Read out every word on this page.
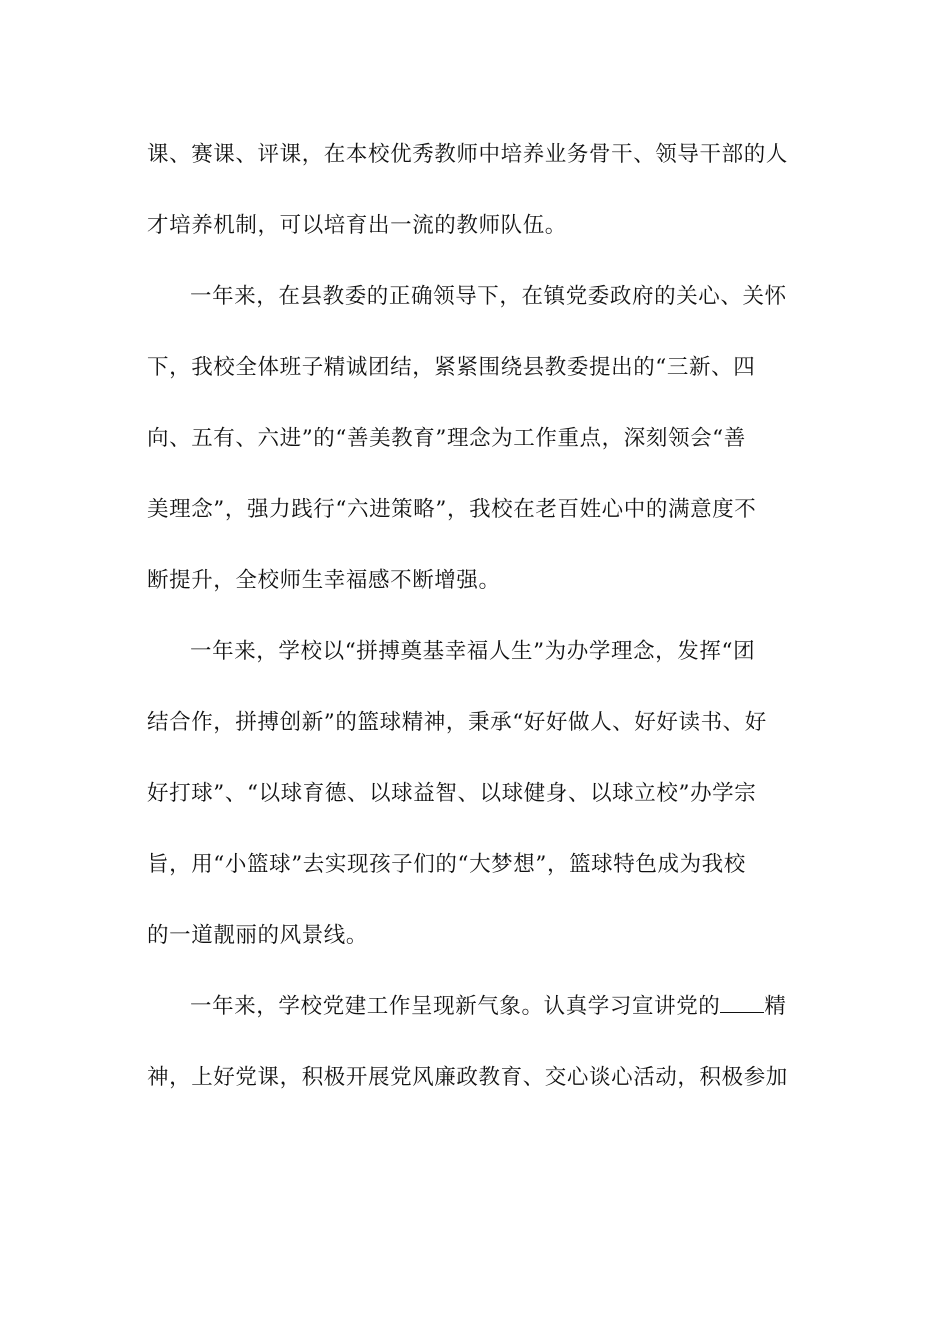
课、赛课、评课，在本校优秀教师中培养业务骨干、领导干部的人
才培养机制，可以培育出一流的教师队伍。
一年来，在县教委的正确领导下，在镇党委政府的关心、关怀
下，我校全体班子精诚团结，紧紧围绕县教委提出的“三新、四
向、五有、六进”的“善美教育”理念为工作重点，深刻领会“善
美理念”，强力践行“六进策略”，我校在老百姓心中的满意度不
断提升，全校师生幸福感不断增强。
一年来，学校以“拼搏奠基幸福人生”为办学理念，发挥“团
结合作，拼搏创新”的篮球精神，秉承“好好做人、好好读书、好
好打球”、“以球育德、以球益智、以球健身、以球立校”办学宗
旨，用“小篮球”去实现孩子们的“大梦想”，篮球特色成为我校
的一道靓丽的风景线。
一年来，学校党建工作呈现新气象。认真学习宣讲党的 精
神，上好党课，积极开展党风廉政教育、交心谈心活动，积极参加
